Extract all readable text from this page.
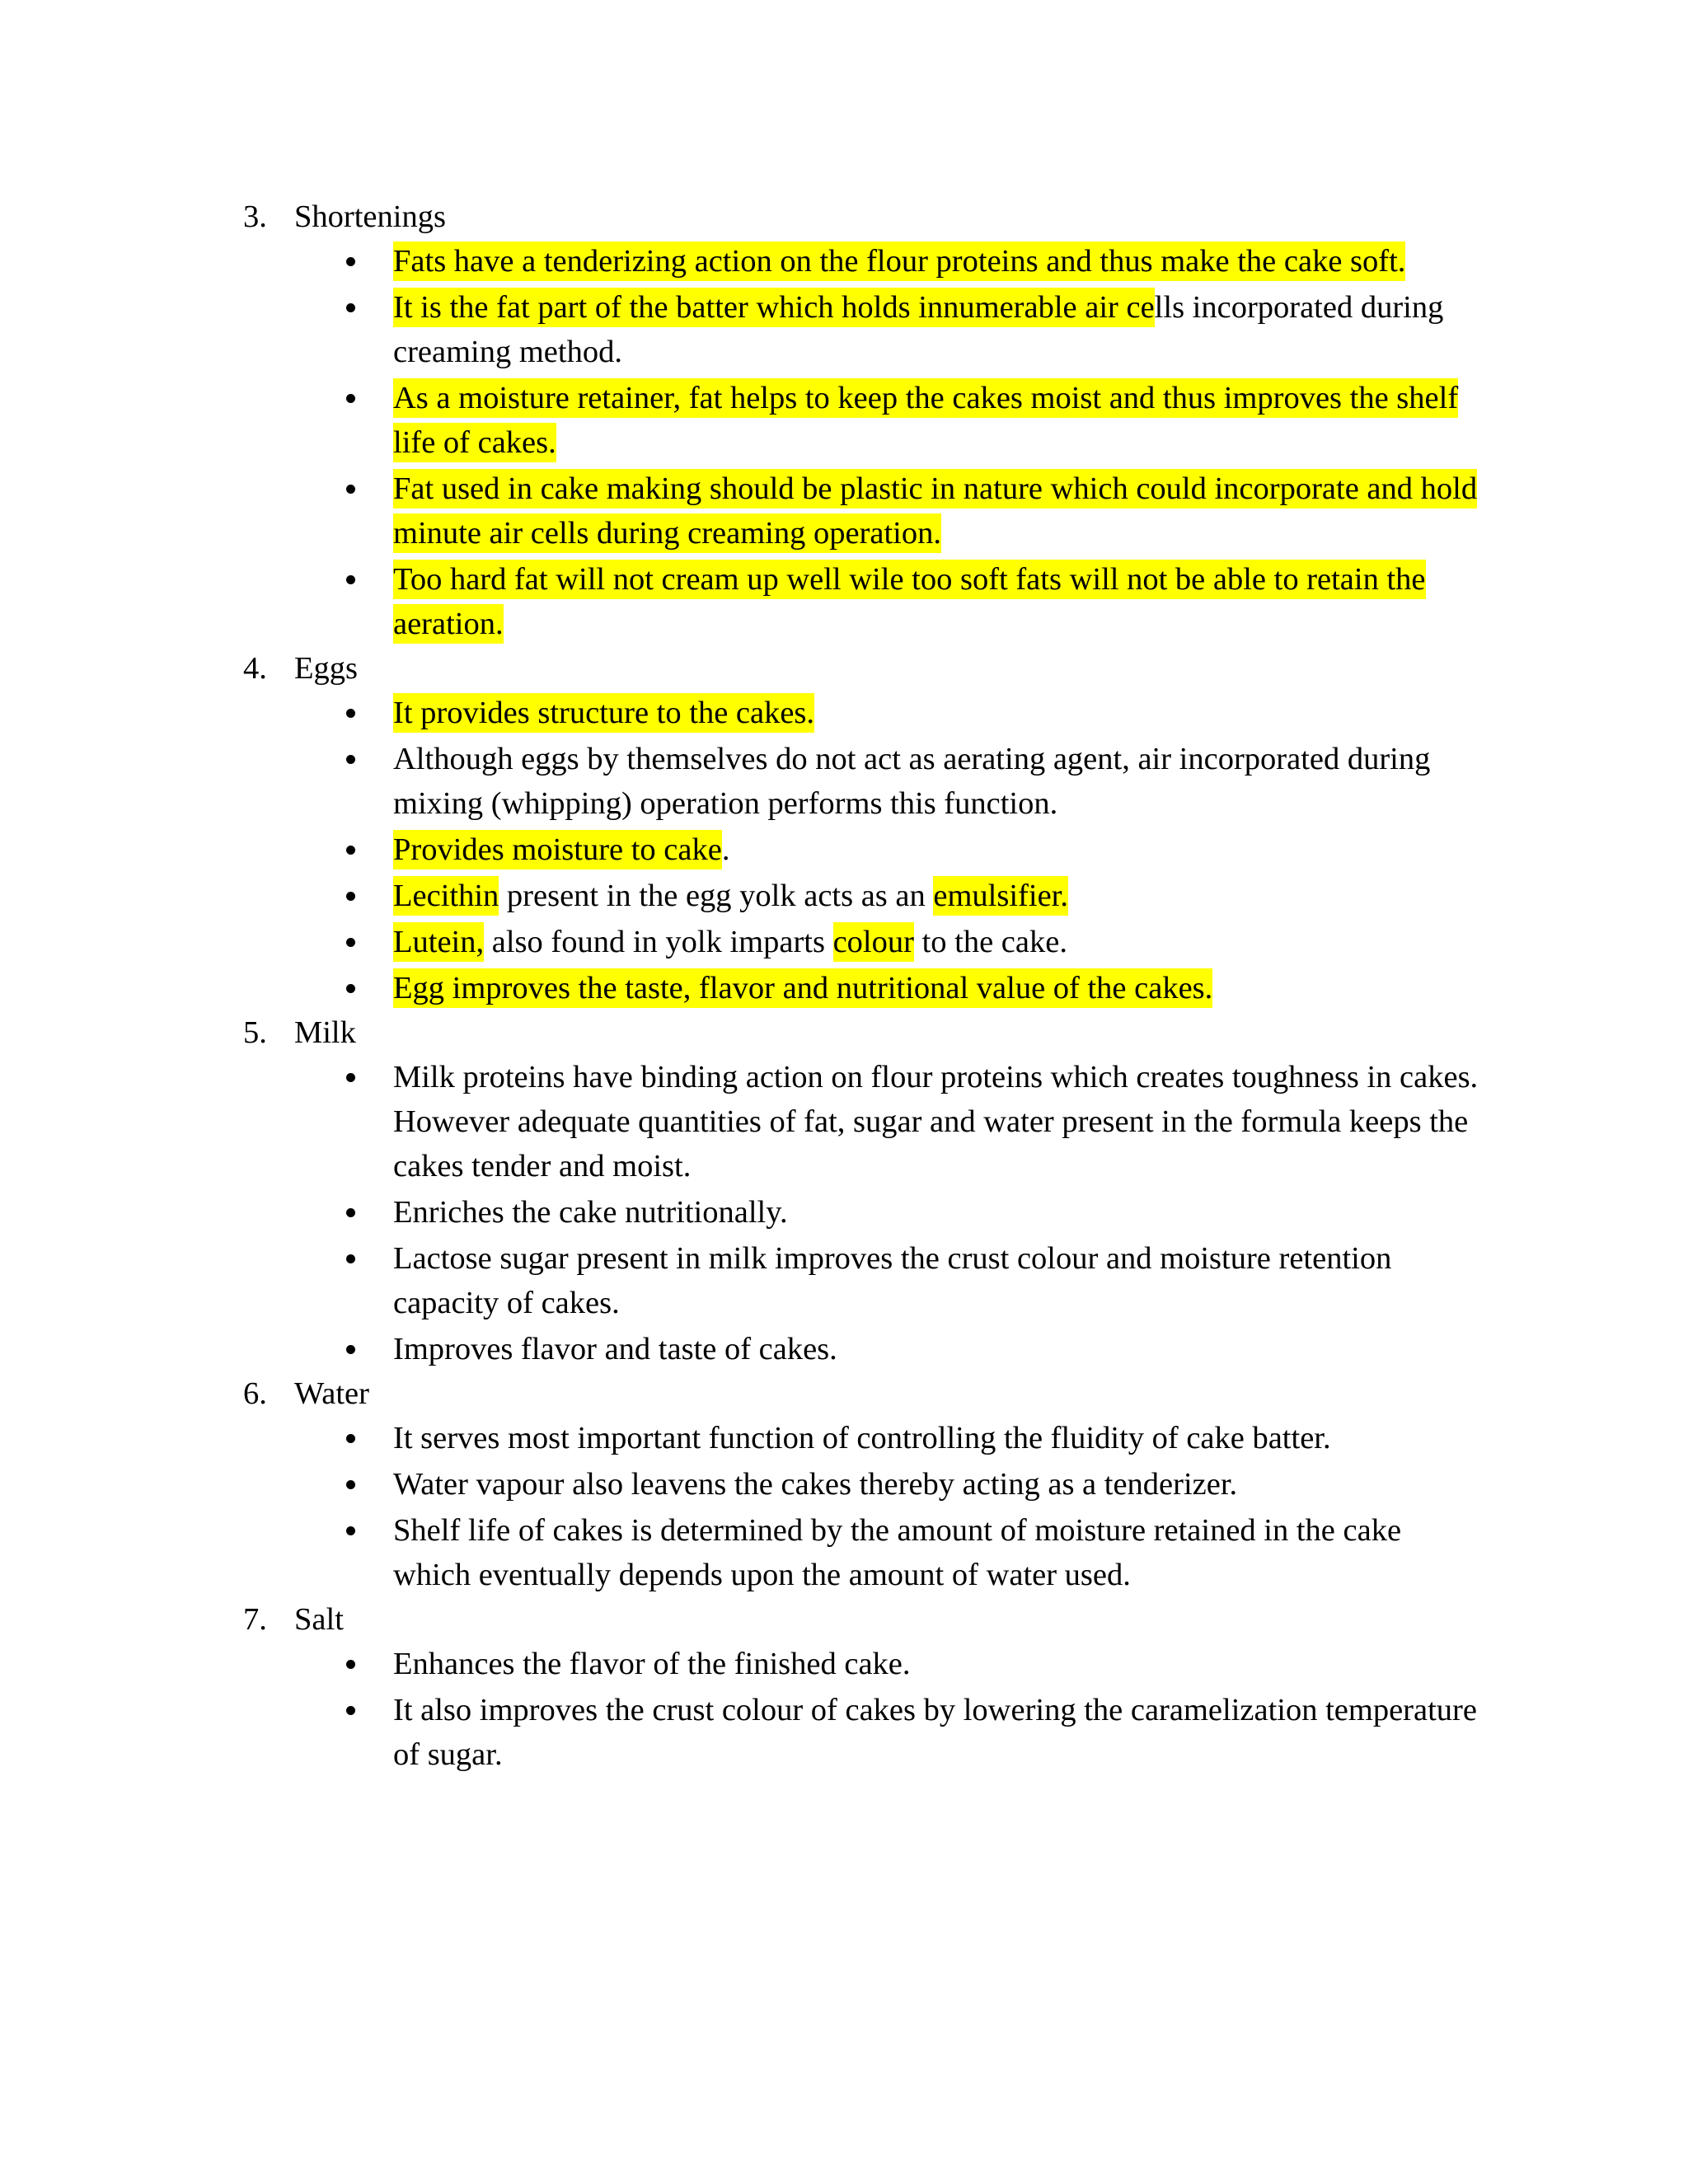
3. Shortenings
Fats have a tenderizing action on the flour proteins and thus make the cake soft.
It is the fat part of the batter which holds innumerable air cells incorporated during creaming method.
As a moisture retainer, fat helps to keep the cakes moist and thus improves the shelf life of cakes.
Fat used in cake making should be plastic in nature which could incorporate and hold minute air cells during creaming operation.
Too hard fat will not cream up well wile too soft fats will not be able to retain the aeration.
4. Eggs
It provides structure to the cakes.
Although eggs by themselves do not act as aerating agent, air incorporated during mixing (whipping) operation performs this function.
Provides moisture to cake.
Lecithin present in the egg yolk acts as an emulsifier.
Lutein, also found in yolk imparts colour to the cake.
Egg improves the taste, flavor and nutritional value of the cakes.
5. Milk
Milk proteins have binding action on flour proteins which creates toughness in cakes. However adequate quantities of fat, sugar and water present in the formula keeps the cakes tender and moist.
Enriches the cake nutritionally.
Lactose sugar present in milk improves the crust colour and moisture retention capacity of cakes.
Improves flavor and taste of cakes.
6. Water
It serves most important function of controlling the fluidity of cake batter.
Water vapour also leavens the cakes thereby acting as a tenderizer.
Shelf life of cakes is determined by the amount of moisture retained in the cake which eventually depends upon the amount of water used.
7. Salt
Enhances the flavor of the finished cake.
It also improves the crust colour of cakes by lowering the caramelization temperature of sugar.
